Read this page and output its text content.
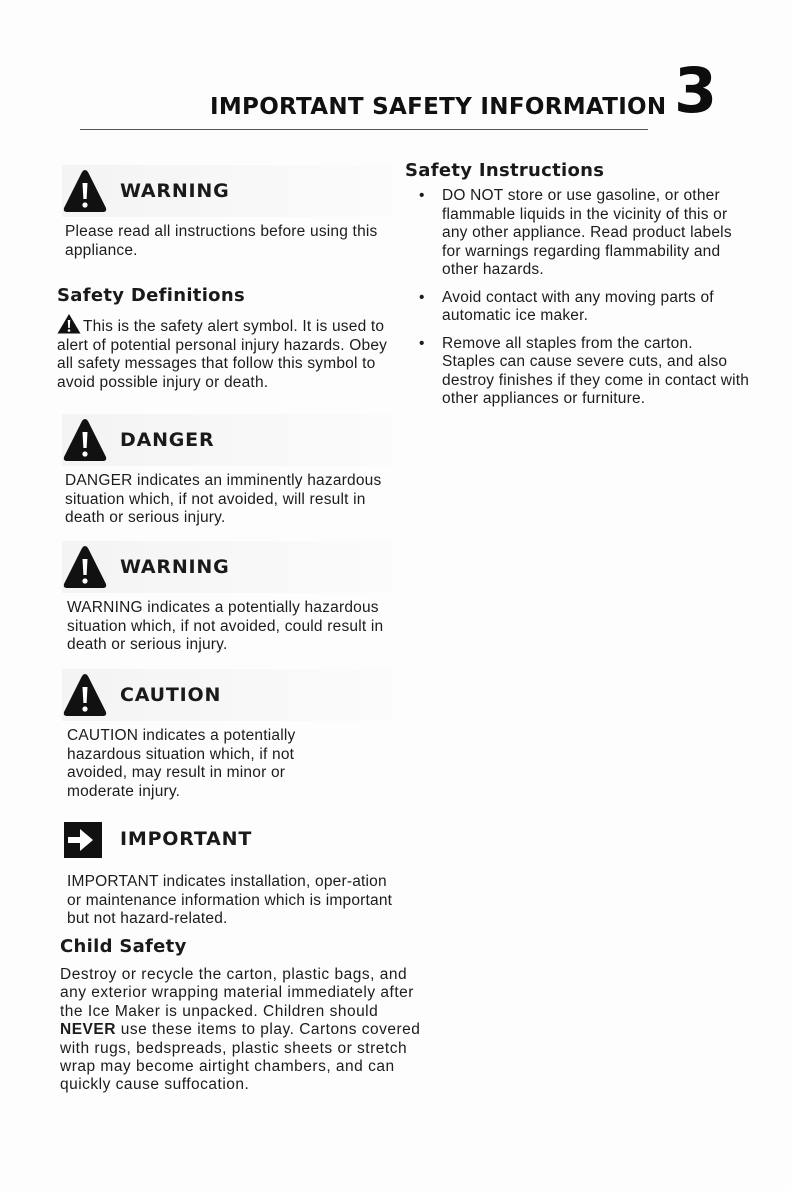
IMPORTANT SAFETY INFORMATION 3
WARNING
Please read all instructions before using this appliance.
Safety Definitions
This is the safety alert symbol. It is used to alert of potential personal injury hazards. Obey all safety messages that follow this symbol to avoid possible injury or death.
DANGER
DANGER indicates an imminently hazardous situation which, if not avoided, will result in death or serious injury.
WARNING
WARNING indicates a potentially hazardous situation which, if not avoided, could result in death or serious injury.
CAUTION
CAUTION indicates a potentially hazardous situation which, if not avoided, may result in minor or moderate injury.
IMPORTANT
IMPORTANT indicates installation, oper-ation or maintenance information which is important but not hazard-related.
Child Safety
Destroy or recycle the carton, plastic bags, and any exterior wrapping material immediately after the Ice Maker is unpacked. Children should NEVER use these items to play. Cartons covered with rugs, bedspreads, plastic sheets or stretch wrap may become airtight chambers, and can quickly cause suffocation.
Safety Instructions
• DO NOT store or use gasoline, or other flammable liquids in the vicinity of this or any other appliance. Read product labels for warnings regarding flammability and other hazards.
• Avoid contact with any moving parts of automatic ice maker.
• Remove all staples from the carton. Staples can cause severe cuts, and also destroy finishes if they come in contact with other appliances or furniture.
